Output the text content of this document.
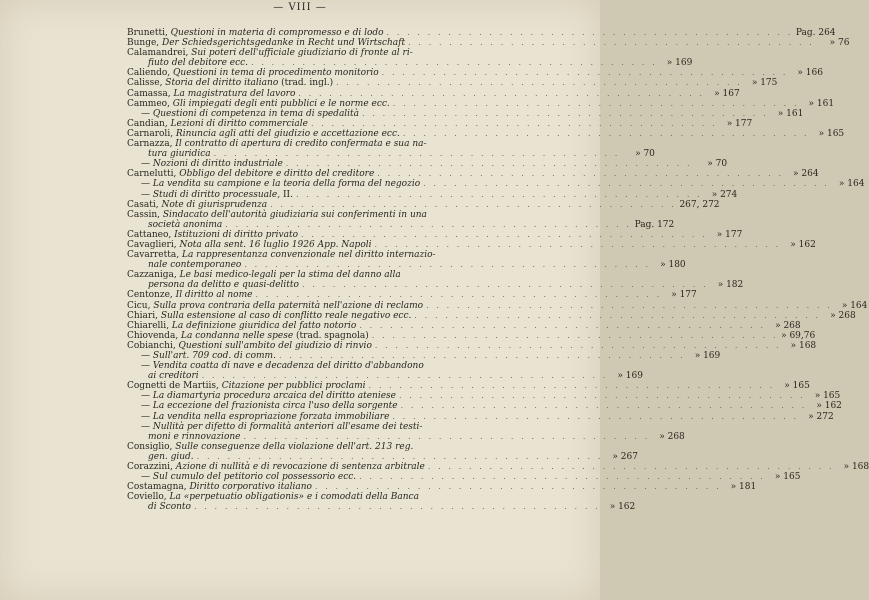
— VIII —
Brunetti, Questioni in materia di compromesso e di lodo . . . . . . . . . . . . . . . . . . . . . . . . . . . . . . . . . . . . . . . . Pag. 264
Bunge, Der Schiedsgerichtsgedanke in Recht und Wirtschaft . . . . . . . . . . . . . . . . . . . . . . . . . . . . . . . . . . . . . . . .	» 76
Calamandrei, Sui poteri dell'ufficiale giudiziario di fronte al ri-
fiuto del debitore ecc. . . . . . . . . . . . . . . . . . . . . . . . . . . . . . . . . . . . . . . . .	» 169
Caliendo, Questioni in tema di procedimento monitorio . . . . . . . . . . . . . . . . . . . . . . . . . . . . . . . . . . . . . . . .	» 166
Calisse, Storia del diritto italiano (trad. ingl.) . . . . . . . . . . . . . . . . . . . . . . . . . . . . . . . . . . . . . . . .	» 175
Camassa, La magistratura del lavoro . . . . . . . . . . . . . . . . . . . . . . . . . . . . . . . . . . . . . . . .	» 167
Cammeo, Gli impiegati degli enti pubblici e le norme ecc. . . . . . . . . . . . . . . . . . . . . . . . . . . . . . . . . . . . . . . . .	» 161
— Questioni di competenza in tema di spedalità . . . . . . . . . . . . . . . . . . . . . . . . . . . . . . . . . . . . . . . .	» 161
Candian, Lezioni di diritto commerciale . . . . . . . . . . . . . . . . . . . . . . . . . . . . . . . . . . . . . . . .	» 177
Carnaroli, Rinuncia agli atti del giudizio e accettazione ecc. . . . . . . . . . . . . . . . . . . . . . . . . . . . . . . . . . . . . . . . .	» 165
Carnazza, Il contratto di apertura di credito confermata e sua na-
tura giuridica . . . . . . . . . . . . . . . . . . . . . . . . . . . . . . . . . . . . . . . .	» 70
— Nozioni di diritto industriale . . . . . . . . . . . . . . . . . . . . . . . . . . . . . . . . . . . . . . . .	» 70
Carnelutti, Obbligo del debitore e diritto del creditore . . . . . . . . . . . . . . . . . . . . . . . . . . . . . . . . . . . . . . . .	» 264
— La vendita su campione e la teoria della forma del negozio . . . . . . . . . . . . . . . . . . . . . . . . . . . . . . . . . . . . . . . .	» 164
— Studi di diritto processuale, II. . . . . . . . . . . . . . . . . . . . . . . . . . . . . . . . . . . . . . . . .	» 274
Casati, Note di giurisprudenza . . . . . . . . . . . . . . . . . . . . . . . . . . . . . . . . . . . . . . . . 267, 272
Cassin, Sindacato dell'autorità giudiziaria sui conferimenti in una
società anonima . . . . . . . . . . . . . . . . . . . . . . . . . . . . . . . . . . . . . . . . Pag. 172
Cattaneo, Istituzioni di diritto privato . . . . . . . . . . . . . . . . . . . . . . . . . . . . . . . . . . . . . . . .	» 177
Cavaglieri, Nota alla sent. 16 luglio 1926 App. Napoli . . . . . . . . . . . . . . . . . . . . . . . . . . . . . . . . . . . . . . . .	» 162
Cavarretta, La rappresentanza convenzionale nel diritto internazio-
nale contemporaneo . . . . . . . . . . . . . . . . . . . . . . . . . . . . . . . . . . . . . . . .	» 180
Cazzaniga, Le basi medico-legali per la stima del danno alla
persona da delitto e quasi-delitto . . . . . . . . . . . . . . . . . . . . . . . . . . . . . . . . . . . . . . . .	» 182
Centonze, Il diritto al nome . . . . . . . . . . . . . . . . . . . . . . . . . . . . . . . . . . . . . . . .	» 177
Cicu, Sulla prova contraria della paternità nell'azione di reclamo . . . . . . . . . . . . . . . . . . . . . . . . . . . . . . . . . . . . . . . .	» 164
Chiari, Sulla estensione al caso di conflitto reale negativo ecc. . . . . . . . . . . . . . . . . . . . . . . . . . . . . . . . . . . . . . . . .	» 268
Chiarelli, La definizione giuridica del fatto notorio . . . . . . . . . . . . . . . . . . . . . . . . . . . . . . . . . . . . . . . .	» 268
Chiovenda, La condanna nelle spese (trad. spagnola) . . . . . . . . . . . . . . . . . . . . . . . . . . . . . . . . . . . . . . . . » 69,76
Cobianchi, Questioni sull'ambito del giudizio di rinvio . . . . . . . . . . . . . . . . . . . . . . . . . . . . . . . . . . . . . . . .	» 168
— Sull'art. 709 cod. di comm. . . . . . . . . . . . . . . . . . . . . . . . . . . . . . . . . . . . . . . . .	» 169
— Vendita coatta di nave e decadenza del diritto d'abbandono
ai creditori . . . . . . . . . . . . . . . . . . . . . . . . . . . . . . . . . . . . . . . .	» 169
Cognetti de Martiis, Citazione per pubblici proclami . . . . . . . . . . . . . . . . . . . . . . . . . . . . . . . . . . . . . . . .	» 165
— La diamartyria procedura arcaica del diritto ateniese . . . . . . . . . . . . . . . . . . . . . . . . . . . . . . . . . . . . . . . .	» 165
— La eccezione del frazionista circa l'uso della sorgente . . . . . . . . . . . . . . . . . . . . . . . . . . . . . . . . . . . . . . . .	» 162
— La vendita nella espropriazione forzata immobiliare . . . . . . . . . . . . . . . . . . . . . . . . . . . . . . . . . . . . . . . .	» 272
— Nullità per difetto di formalità anteriori all'esame dei testi-
moni e rinnovazione . . . . . . . . . . . . . . . . . . . . . . . . . . . . . . . . . . . . . . . .	» 268
Consiglio, Sulle conseguenze della violazione dell'art. 213 reg.
gen. giud. . . . . . . . . . . . . . . . . . . . . . . . . . . . . . . . . . . . . . . . .	» 267
Corazzini, Azione di nullità e di revocazione di sentenza arbitrale . . . . . . . . . . . . . . . . . . . . . . . . . . . . . . . . . . . . . . . .	» 168
— Sul cumulo del petitorio col possessorio ecc. . . . . . . . . . . . . . . . . . . . . . . . . . . . . . . . . . . . . . . . .	» 165
Costamagna, Diritto corporativo italiano . . . . . . . . . . . . . . . . . . . . . . . . . . . . . . . . . . . . . . . .	» 181
Coviello, La «perpetuatio obligationis» e i comodati della Banca
di Sconto . . . . . . . . . . . . . . . . . . . . . . . . . . . . . . . . . . . . . . . .	» 162
